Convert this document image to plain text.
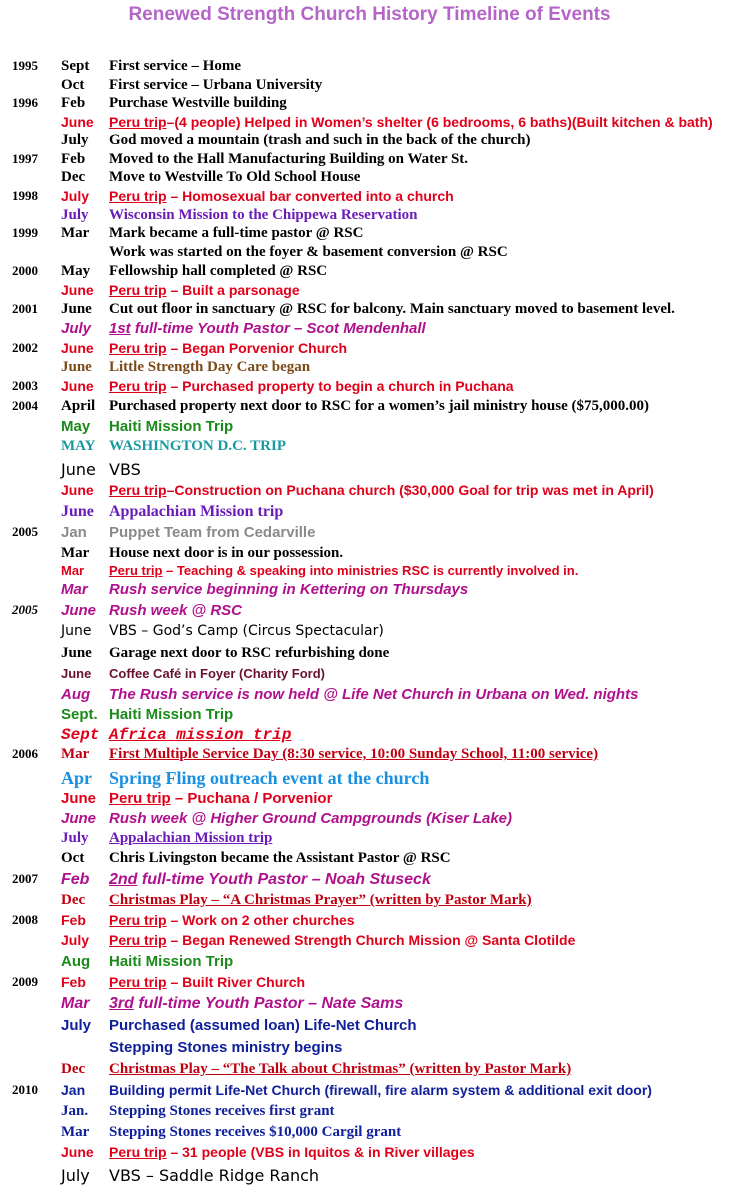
Renewed Strength Church History Timeline of Events
1995 Sept First service – Home
Oct First service – Urbana University
1996 Feb Purchase Westville building
June Peru trip–(4 people) Helped in Women’s shelter (6 bedrooms, 6 baths)(Built kitchen & bath)
July God moved a mountain (trash and such in the back of the church)
1997 Feb Moved to the Hall Manufacturing Building on Water St.
Dec Move to Westville To Old School House
1998 July Peru trip – Homosexual bar converted into a church
July Wisconsin Mission to the Chippewa Reservation
1999 Mar Mark became a full-time pastor @ RSC
Work was started on the foyer & basement conversion @ RSC
2000 May Fellowship hall completed @ RSC
June Peru trip – Built a parsonage
2001 June Cut out floor in sanctuary @ RSC for balcony. Main sanctuary moved to basement level.
July 1st full-time Youth Pastor – Scot Mendenhall
2002 June Peru trip – Began Porvenior Church
June Little Strength Day Care began
2003 June Peru trip – Purchased property to begin a church in Puchana
2004 April Purchased property next door to RSC for a women’s jail ministry house ($75,000.00)
May Haiti Mission Trip
MAY WASHINGTON D.C. TRIP
June VBS
June Peru trip–Construction on Puchana church ($30,000 Goal for trip was met in April)
June Appalachian Mission trip
2005 Jan Puppet Team from Cedarville
Mar House next door is in our possession.
Mar Peru trip – Teaching & speaking into ministries RSC is currently involved in.
Mar Rush service beginning in Kettering on Thursdays
2005 June Rush week @ RSC
June VBS – God’s Camp (Circus Spectacular)
June Garage next door to RSC refurbishing done
June Coffee Café in Foyer (Charity Ford)
Aug The Rush service is now held @ Life Net Church in Urbana on Wed. nights
Sept. Haiti Mission Trip
Sept Africa mission trip
2006 Mar First Multiple Service Day (8:30 service, 10:00 Sunday School, 11:00 service)
Apr Spring Fling outreach event at the church
June Peru trip – Puchana / Porvenior
June Rush week @ Higher Ground Campgrounds (Kiser Lake)
July Appalachian Mission trip
Oct Chris Livingston became the Assistant Pastor @ RSC
2007 Feb 2nd full-time Youth Pastor – Noah Stuseck
Dec Christmas Play – “A Christmas Prayer” (written by Pastor Mark)
2008 Feb Peru trip – Work on 2 other churches
July Peru trip – Began Renewed Strength Church Mission @ Santa Clotilde
Aug Haiti Mission Trip
2009 Feb Peru trip – Built River Church
Mar 3rd full-time Youth Pastor – Nate Sams
July Purchased (assumed loan) Life-Net Church
Stepping Stones ministry begins
Dec Christmas Play – “The Talk about Christmas” (written by Pastor Mark)
2010 Jan Building permit Life-Net Church (firewall, fire alarm system & additional exit door)
Jan. Stepping Stones receives first grant
Mar Stepping Stones receives $10,000 Cargil grant
June Peru trip – 31 people (VBS in Iquitos & in River villages
July VBS – Saddle Ridge Ranch
